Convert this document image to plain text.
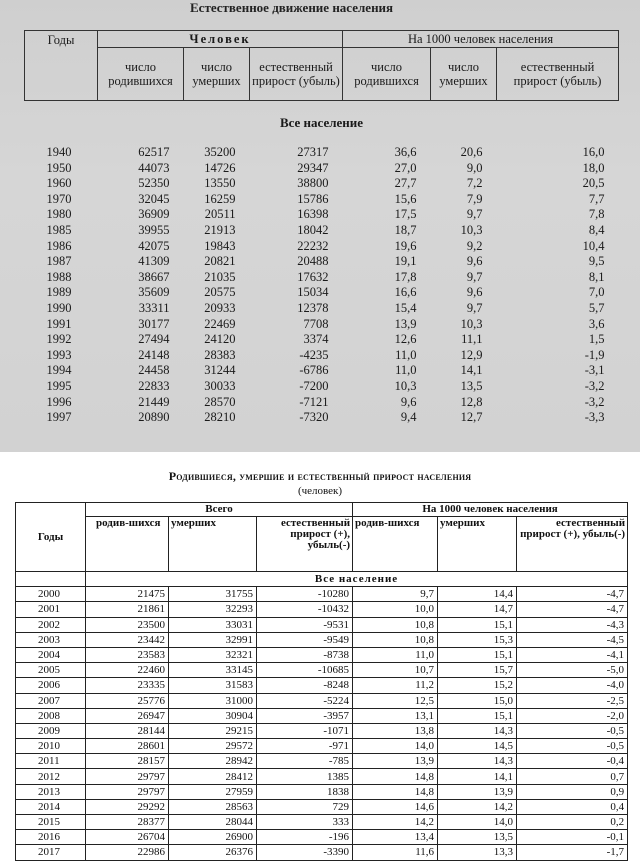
Естественное движение населения
Годы	Человек			На 1000 человек населения		
	число родившихся	число умерших	естественный прирост (убыль)	число родившихся	число умерших	естественный прирост (убыль)
Все население						
1940	62517	35200	27317	36,6	20,6	16,0
1950	44073	14726	29347	27,0	9,0	18,0
1960	52350	13550	38800	27,7	7,2	20,5
1970	32045	16259	15786	15,6	7,9	7,7
1980	36909	20511	16398	17,5	9,7	7,8
1985	39955	21913	18042	18,7	10,3	8,4
1986	42075	19843	22232	19,6	9,2	10,4
1987	41309	20821	20488	19,1	9,6	9,5
1988	38667	21035	17632	17,8	9,7	8,1
1989	35609	20575	15034	16,6	9,6	7,0
1990	33311	20933	12378	15,4	9,7	5,7
1991	30177	22469	7708	13,9	10,3	3,6
1992	27494	24120	3374	12,6	11,1	1,5
1993	24148	28383	-4235	11,0	12,9	-1,9
1994	24458	31244	-6786	11,0	14,1	-3,1
1995	22833	30033	-7200	10,3	13,5	-3,2
1996	21449	28570	-7121	9,6	12,8	-3,2
1997	20890	28210	-7320	9,4	12,7	-3,3
Родившиеся, умершие и естественный прирост населения
(человек)
Годы	Всего			На 1000 человек населения		
	родив-шихся	умерших	естественный прирост (+), убыль(-)	родив-шихся	умерших	естественный прирост (+), убыль(-)
	Все население					
2000	21475	31755	-10280	9,7	14,4	-4,7
2001	21861	32293	-10432	10,0	14,7	-4,7
2002	23500	33031	-9531	10,8	15,1	-4,3
2003	23442	32991	-9549	10,8	15,3	-4,5
2004	23583	32321	-8738	11,0	15,1	-4,1
2005	22460	33145	-10685	10,7	15,7	-5,0
2006	23335	31583	-8248	11,2	15,2	-4,0
2007	25776	31000	-5224	12,5	15,0	-2,5
2008	26947	30904	-3957	13,1	15,1	-2,0
2009	28144	29215	-1071	13,8	14,3	-0,5
2010	28601	29572	-971	14,0	14,5	-0,5
2011	28157	28942	-785	13,9	14,3	-0,4
2012	29797	28412	1385	14,8	14,1	0,7
2013	29797	27959	1838	14,8	13,9	0,9
2014	29292	28563	729	14,6	14,2	0,4
2015	28377	28044	333	14,2	14,0	0,2
2016	26704	26900	-196	13,4	13,5	-0,1
2017	22986	26376	-3390	11,6	13,3	-1,7
